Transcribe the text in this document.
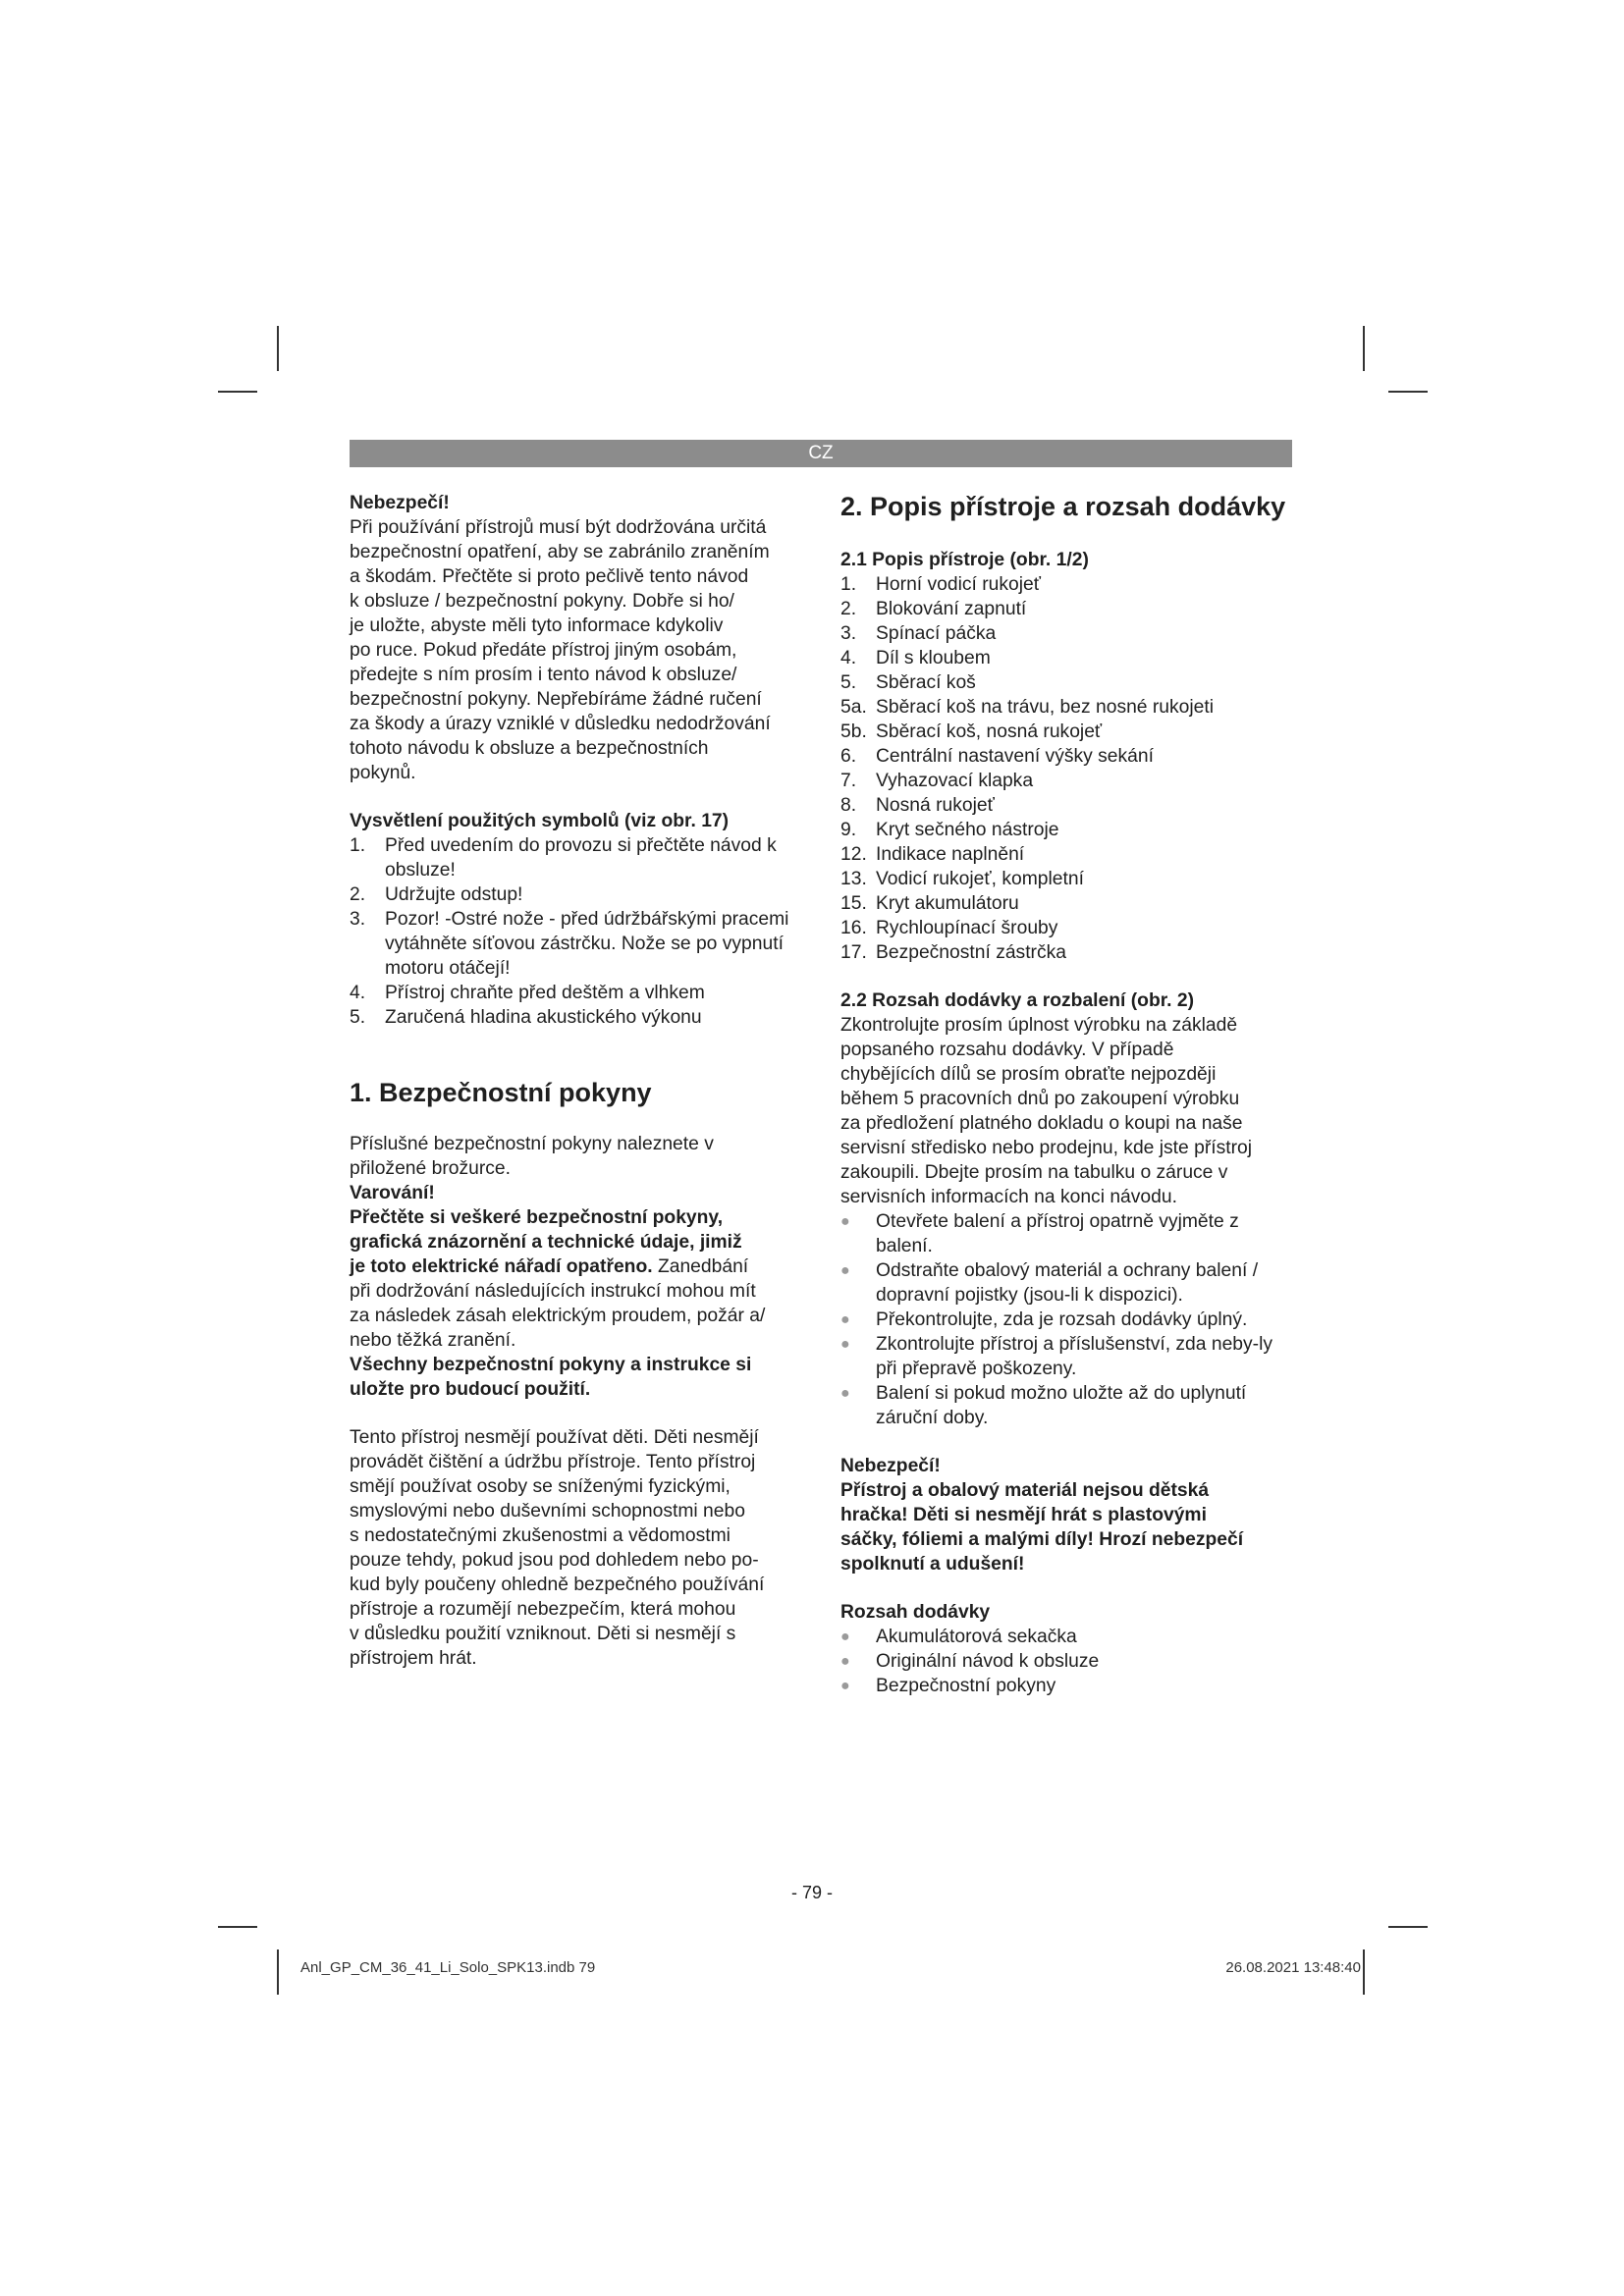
CZ

Nebezpečí!

Při používání přístrojů musí být dodržována určitá
bezpečnostní opatření, aby se zabránilo zraněním
a škodám. Přečtěte si proto pečlivě tento návod
k obsluze / bezpečnostní pokyny. Dobře si ho/
je uložte, abyste měli tyto informace kdykoliv
po ruce. Pokud předáte přístroj jiným osobám,
předejte s ním prosím i tento návod k obsluze/
bezpečnostní pokyny. Nepřebíráme žádné ručení
za škody a úrazy vzniklé v důsledku nedodržování
tohoto návodu k obsluze a bezpečnostních
pokynů.

Vysvětlení použitých symbolů (viz obr. 17)

1.	Před uvedením do provozu si přečtěte návod k obsluze!
2.	Udržujte odstup!
3.	Pozor! -Ostré nože - před údržbářskými pracemi vytáhněte síťovou zástrčku. Nože se po vypnutí motoru otáčejí!
4.	Přístroj chraňte před deštěm a vlhkem
5.	Zaručená hladina akustického výkonu
1. Bezpečnostní pokyny
Příslušné bezpečnostní pokyny naleznete v
přiložené brožurce.

Varování!

Přečtěte si veškeré bezpečnostní pokyny,
grafická znázornění a technické údaje, jimiž
je toto elektrické nářadí opatřeno. Zanedbání
při dodržování následujících instrukcí mohou mít
za následek zásah elektrickým proudem, požár a/
nebo těžká zranění.
Všechny bezpečnostní pokyny a instrukce si
uložte pro budoucí použití.
Tento přístroj nesmějí používat děti. Děti nesmějí
provádět čištění a údržbu přístroje. Tento přístroj
smějí používat osoby se sníženými fyzickými,
smyslovými nebo duševními schopnostmi nebo
s nedostatečnými zkušenostmi a vědomostmi
pouze tehdy, pokud jsou pod dohledem nebo po-
kud byly poučeny ohledně bezpečného používání
přístroje a rozumějí nebezpečím, která mohou
v důsledku použití vzniknout. Děti si nesmějí s
přístrojem hrát.
2. Popis přístroje a rozsah dodávky

2.1 Popis přístroje (obr. 1/2)

1.	Horní vodicí rukojeť
2.	Blokování zapnutí
3.	Spínací páčka
4.	Díl s kloubem
5.	Sběrací koš
5a. Sběrací koš na trávu, bez nosné rukojeti
5b. Sběrací koš, nosná rukojeť
6.	Centrální nastavení výšky sekání
7.	Vyhazovací klapka
8.	Nosná rukojeť
9.	Kryt sečného nástroje
12. Indikace naplnění
13. Vodicí rukojeť, kompletní
15. Kryt akumulátoru
16. Rychloupínací šrouby
17. Bezpečnostní zástrčka

2.2 Rozsah dodávky a rozbalení (obr. 2)

Zkontrolujte prosím úplnost výrobku na základě
popsaného rozsahu dodávky. V případě
chybějících dílů se prosím obraťte nejpozději
během 5 pracovních dnů po zakoupení výrobku
za předložení platného dokladu o koupi na naše
servisní středisko nebo prodejnu, kde jste přístroj
zakoupili. Dbejte prosím na tabulku o záruce v
servisních informacích na konci návodu.
●	Otevřete balení a přístroj opatrně vyjměte z balení.
●	Odstraňte obalový materiál a ochrany balení / dopravní pojistky (jsou-li k dispozici).
●	Překontrolujte, zda je rozsah dodávky úplný.
●	Zkontrolujte přístroj a příslušenství, zda neby-ly při přepravě poškozeny.
●	Balení si pokud možno uložte až do uplynutí záruční doby.

Nebezpečí!

Přístroj a obalový materiál nejsou dětská
hračka! Děti si nesmějí hrát s plastovými
sáčky, fóliemi a malými díly! Hrozí nebezpečí
spolknutí a udušení!

Rozsah dodávky

●	Akumulátorová sekačka
●	Originální návod k obsluze
●	Bezpečnostní pokyny
- 79 -
Anl_GP_CM_36_41_Li_Solo_SPK13.indb 79	26.08.2021 13:48:40
